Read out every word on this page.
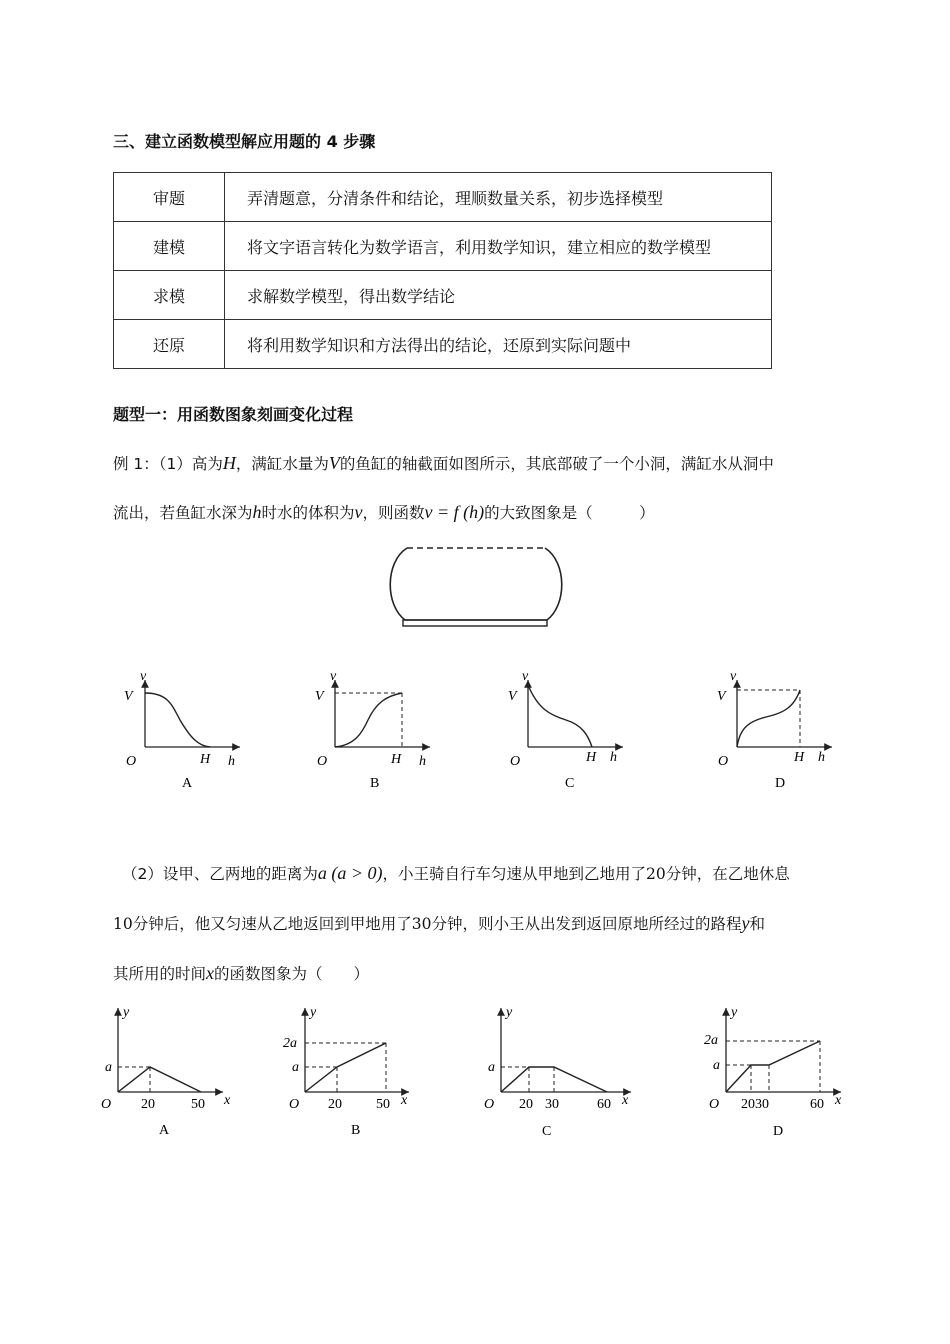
三、建立函数模型解应用题的 4 步骤
审题	弄清题意，分清条件和结论，理顺数量关系，初步选择模型
建模	将文字语言转化为数学语言，利用数学知识，建立相应的数学模型
求模	求解数学模型，得出数学结论
还原	将利用数学知识和方法得出的结论，还原到实际问题中
题型一：用函数图象刻画变化过程
例 1：（1）高为H，满缸水量为V的鱼缸的轴截面如图所示，其底部破了一个小洞，满缸水从洞中
流出，若鱼缸水深为h时水的体积为v，则函数v = f (h)的大致图象是（　　　）
v
V
O	H h
A
v
V
O	H h
B
v
V
O	H h
C
v
V
O	H h
D
（2）设甲、乙两地的距离为a (a > 0)，小王骑自行车匀速从甲地到乙地用了20分钟，在乙地休息
10分钟后，他又匀速从乙地返回到甲地用了30分钟，则小王从出发到返回原地所经过的路程y和
其所用的时间x的函数图象为（　　）
y
a
O 20	50 x
A
y
2a
a
O 20 50 x
B
y
a
O 20 30	60 x
C
y
2a
a
O 2030	60 x
D
